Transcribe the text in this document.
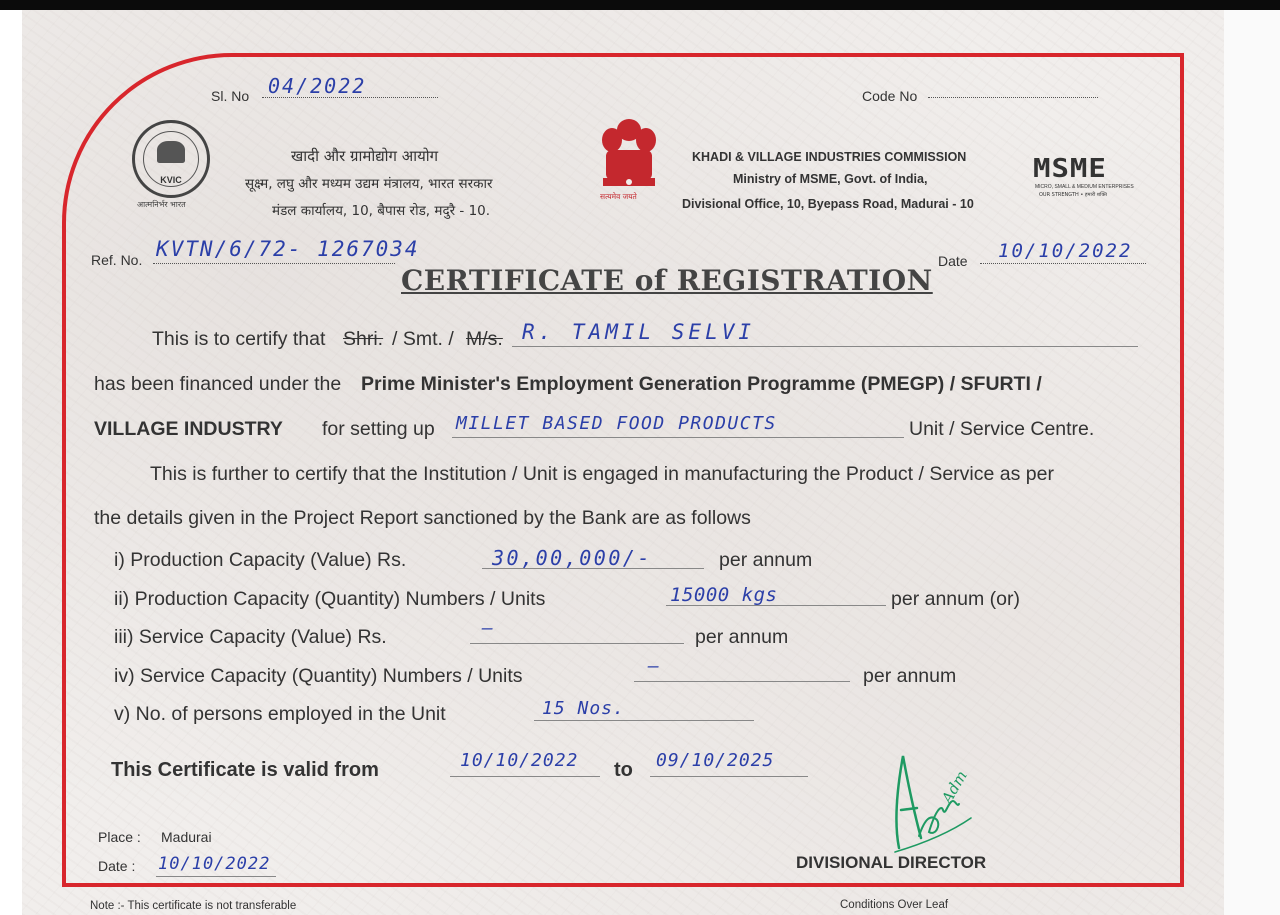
Sl. No 04/2022	Code No
KVIC
आत्मनिर्भर भारत
खादी और ग्रामोद्योग आयोग
सूक्ष्म, लघु और मध्यम उद्यम मंत्रालय, भारत सरकार
मंडल कार्यालय, 10, बैपास रोड, मदुरै - 10.
सत्यमेव जयते
KHADI & VILLAGE INDUSTRIES COMMISSION
Ministry of MSME, Govt. of India,
Divisional Office, 10, Byepass Road, Madurai - 10
MSME
MICRO, SMALL & MEDIUM ENTERPRISES
OUR STRENGTH • हमारी शक्ति
Ref. No. KVTN/6/72- 1267034	Date 10/10/2022
CERTIFICATE of REGISTRATION
This is to certify that Shri. / Smt. / M/s. R. TAMIL SELVI
has been financed under the Prime Minister's Employment Generation Programme (PMEGP) / SFURTI /
VILLAGE INDUSTRY for setting up MILLET BASED FOOD PRODUCTS	Unit / Service Centre.
This is further to certify that the Institution / Unit is engaged in manufacturing the Product / Service as per
the details given in the Project Report sanctioned by the Bank are as follows
i) Production Capacity (Value) Rs.	30,00,000/-	per annum
ii) Production Capacity (Quantity) Numbers / Units	15000 kgs	per annum (or)
iii) Service Capacity (Value) Rs.	—	per annum
iv) Service Capacity (Quantity) Numbers / Units	—	per annum
v) No. of persons employed in the Unit	15 Nos.
This Certificate is valid from	10/10/2022 to 09/10/2025
Place : Madurai
Date : 10/10/2022
Adm
DIVISIONAL DIRECTOR
Note :- This certificate is not transferable	Conditions Over Leaf
